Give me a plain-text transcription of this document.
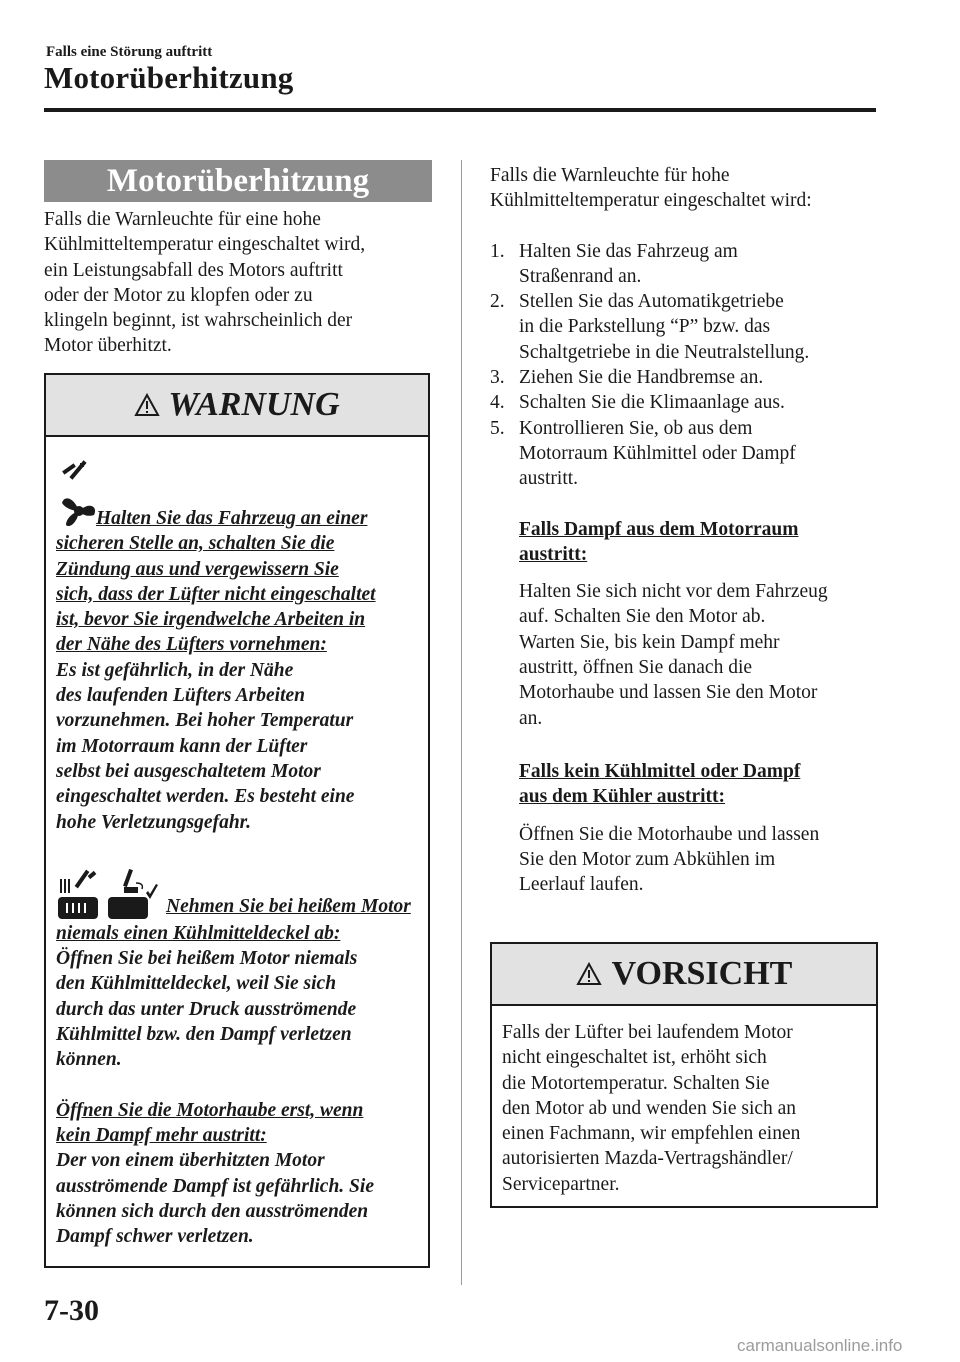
Falls eine Störung auftritt
Motorüberhitzung
Motorüberhitzung
Falls die Warnleuchte für eine hohe
Kühlmitteltemperatur eingeschaltet wird,
ein Leistungsabfall des Motors auftritt
oder der Motor zu klopfen oder zu
klingeln beginnt, ist wahrscheinlich der
Motor überhitzt.
WARNUNG
Halten Sie das Fahrzeug an einer
sicheren Stelle an, schalten Sie die
Zündung aus und vergewissern Sie
sich, dass der Lüfter nicht eingeschaltet
ist, bevor Sie irgendwelche Arbeiten in
der Nähe des Lüfters vornehmen:
Es ist gefährlich, in der Nähe
des laufenden Lüfters Arbeiten
vorzunehmen. Bei hoher Temperatur
im Motorraum kann der Lüfter
selbst bei ausgeschaltetem Motor
eingeschaltet werden. Es besteht eine
hohe Verletzungsgefahr.
Nehmen Sie bei heißem Motor
niemals einen Kühlmitteldeckel ab:
Öffnen Sie bei heißem Motor niemals
den Kühlmitteldeckel, weil Sie sich
durch das unter Druck ausströmende
Kühlmittel bzw. den Dampf verletzen
können.
Öffnen Sie die Motorhaube erst, wenn
kein Dampf mehr austritt:
Der von einem überhitzten Motor
ausströmende Dampf ist gefährlich. Sie
können sich durch den ausströmenden
Dampf schwer verletzen.
Falls die Warnleuchte für hohe
Kühlmitteltemperatur eingeschaltet wird:
1. Halten Sie das Fahrzeug am
Straßenrand an.
2. Stellen Sie das Automatikgetriebe
in die Parkstellung “P” bzw. das
Schaltgetriebe in die Neutralstellung.
3. Ziehen Sie die Handbremse an.
4. Schalten Sie die Klimaanlage aus.
5. Kontrollieren Sie, ob aus dem
Motorraum Kühlmittel oder Dampf
austritt.
Falls Dampf aus dem Motorraum
austritt:
Halten Sie sich nicht vor dem Fahrzeug
auf. Schalten Sie den Motor ab.
Warten Sie, bis kein Dampf mehr
austritt, öffnen Sie danach die
Motorhaube und lassen Sie den Motor
an.
Falls kein Kühlmittel oder Dampf
aus dem Kühler austritt:
Öffnen Sie die Motorhaube und lassen
Sie den Motor zum Abkühlen im
Leerlauf laufen.
VORSICHT
Falls der Lüfter bei laufendem Motor
nicht eingeschaltet ist, erhöht sich
die Motortemperatur. Schalten Sie
den Motor ab und wenden Sie sich an
einen Fachmann, wir empfehlen einen
autorisierten Mazda-Vertragshändler/
Servicepartner.
7-30
carmanualsonline.info
